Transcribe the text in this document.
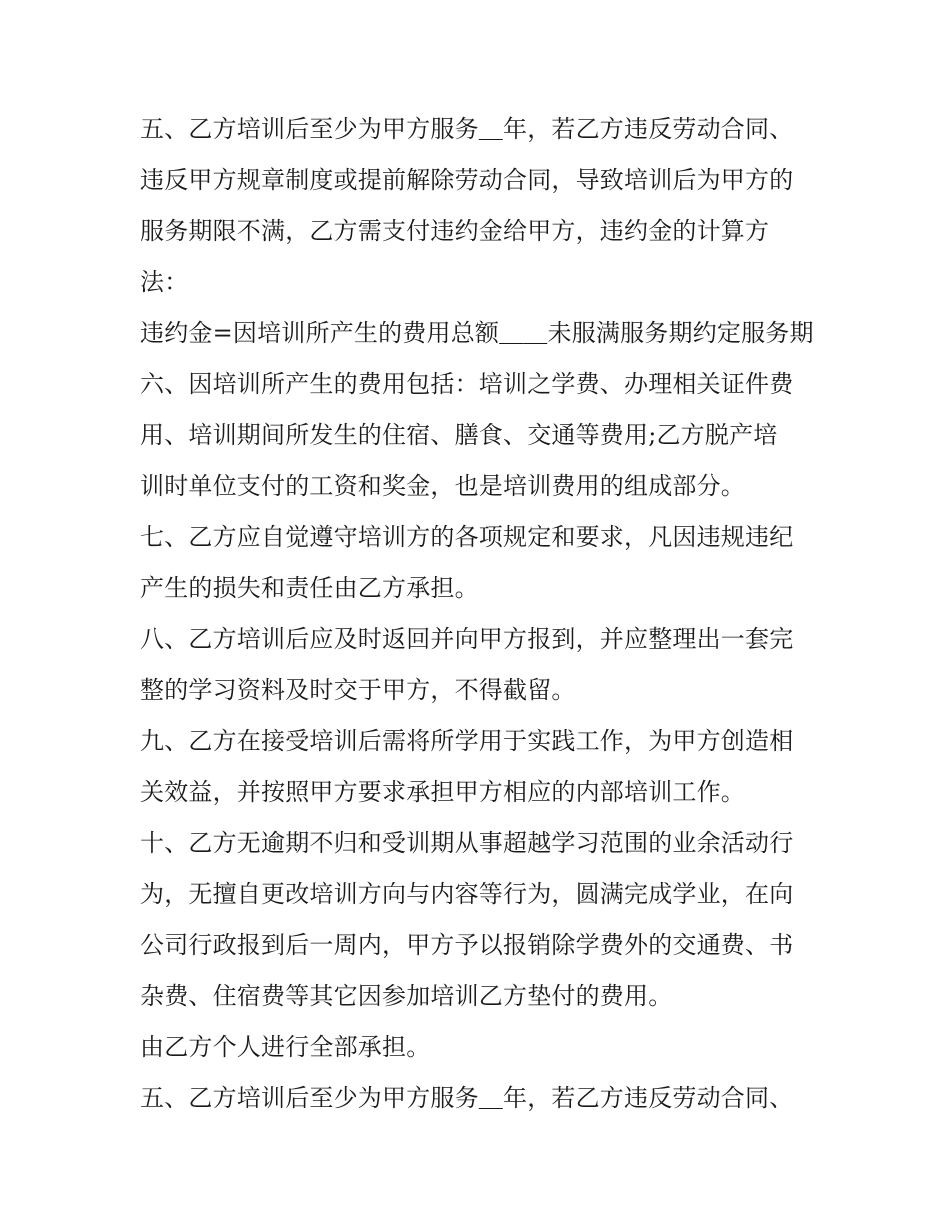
五、乙方培训后至少为甲方服务＿年，若乙方违反劳动合同、
违反甲方规章制度或提前解除劳动合同，导致培训后为甲方的
服务期限不满，乙方需支付违约金给甲方，违约金的计算方
法：
违约金=因培训所产生的费用总额＿＿未服满服务期约定服务期
六、因培训所产生的费用包括：培训之学费、办理相关证件费
用、培训期间所发生的住宿、膳食、交通等费用;乙方脱产培
训时单位支付的工资和奖金，也是培训费用的组成部分。
七、乙方应自觉遵守培训方的各项规定和要求，凡因违规违纪
产生的损失和责任由乙方承担。
八、乙方培训后应及时返回并向甲方报到，并应整理出一套完
整的学习资料及时交于甲方，不得截留。
九、乙方在接受培训后需将所学用于实践工作，为甲方创造相
关效益，并按照甲方要求承担甲方相应的内部培训工作。
十、乙方无逾期不归和受训期从事超越学习范围的业余活动行
为，无擅自更改培训方向与内容等行为，圆满完成学业，在向
公司行政报到后一周内，甲方予以报销除学费外的交通费、书
杂费、住宿费等其它因参加培训乙方垫付的费用。
由乙方个人进行全部承担。
五、乙方培训后至少为甲方服务＿年，若乙方违反劳动合同、
